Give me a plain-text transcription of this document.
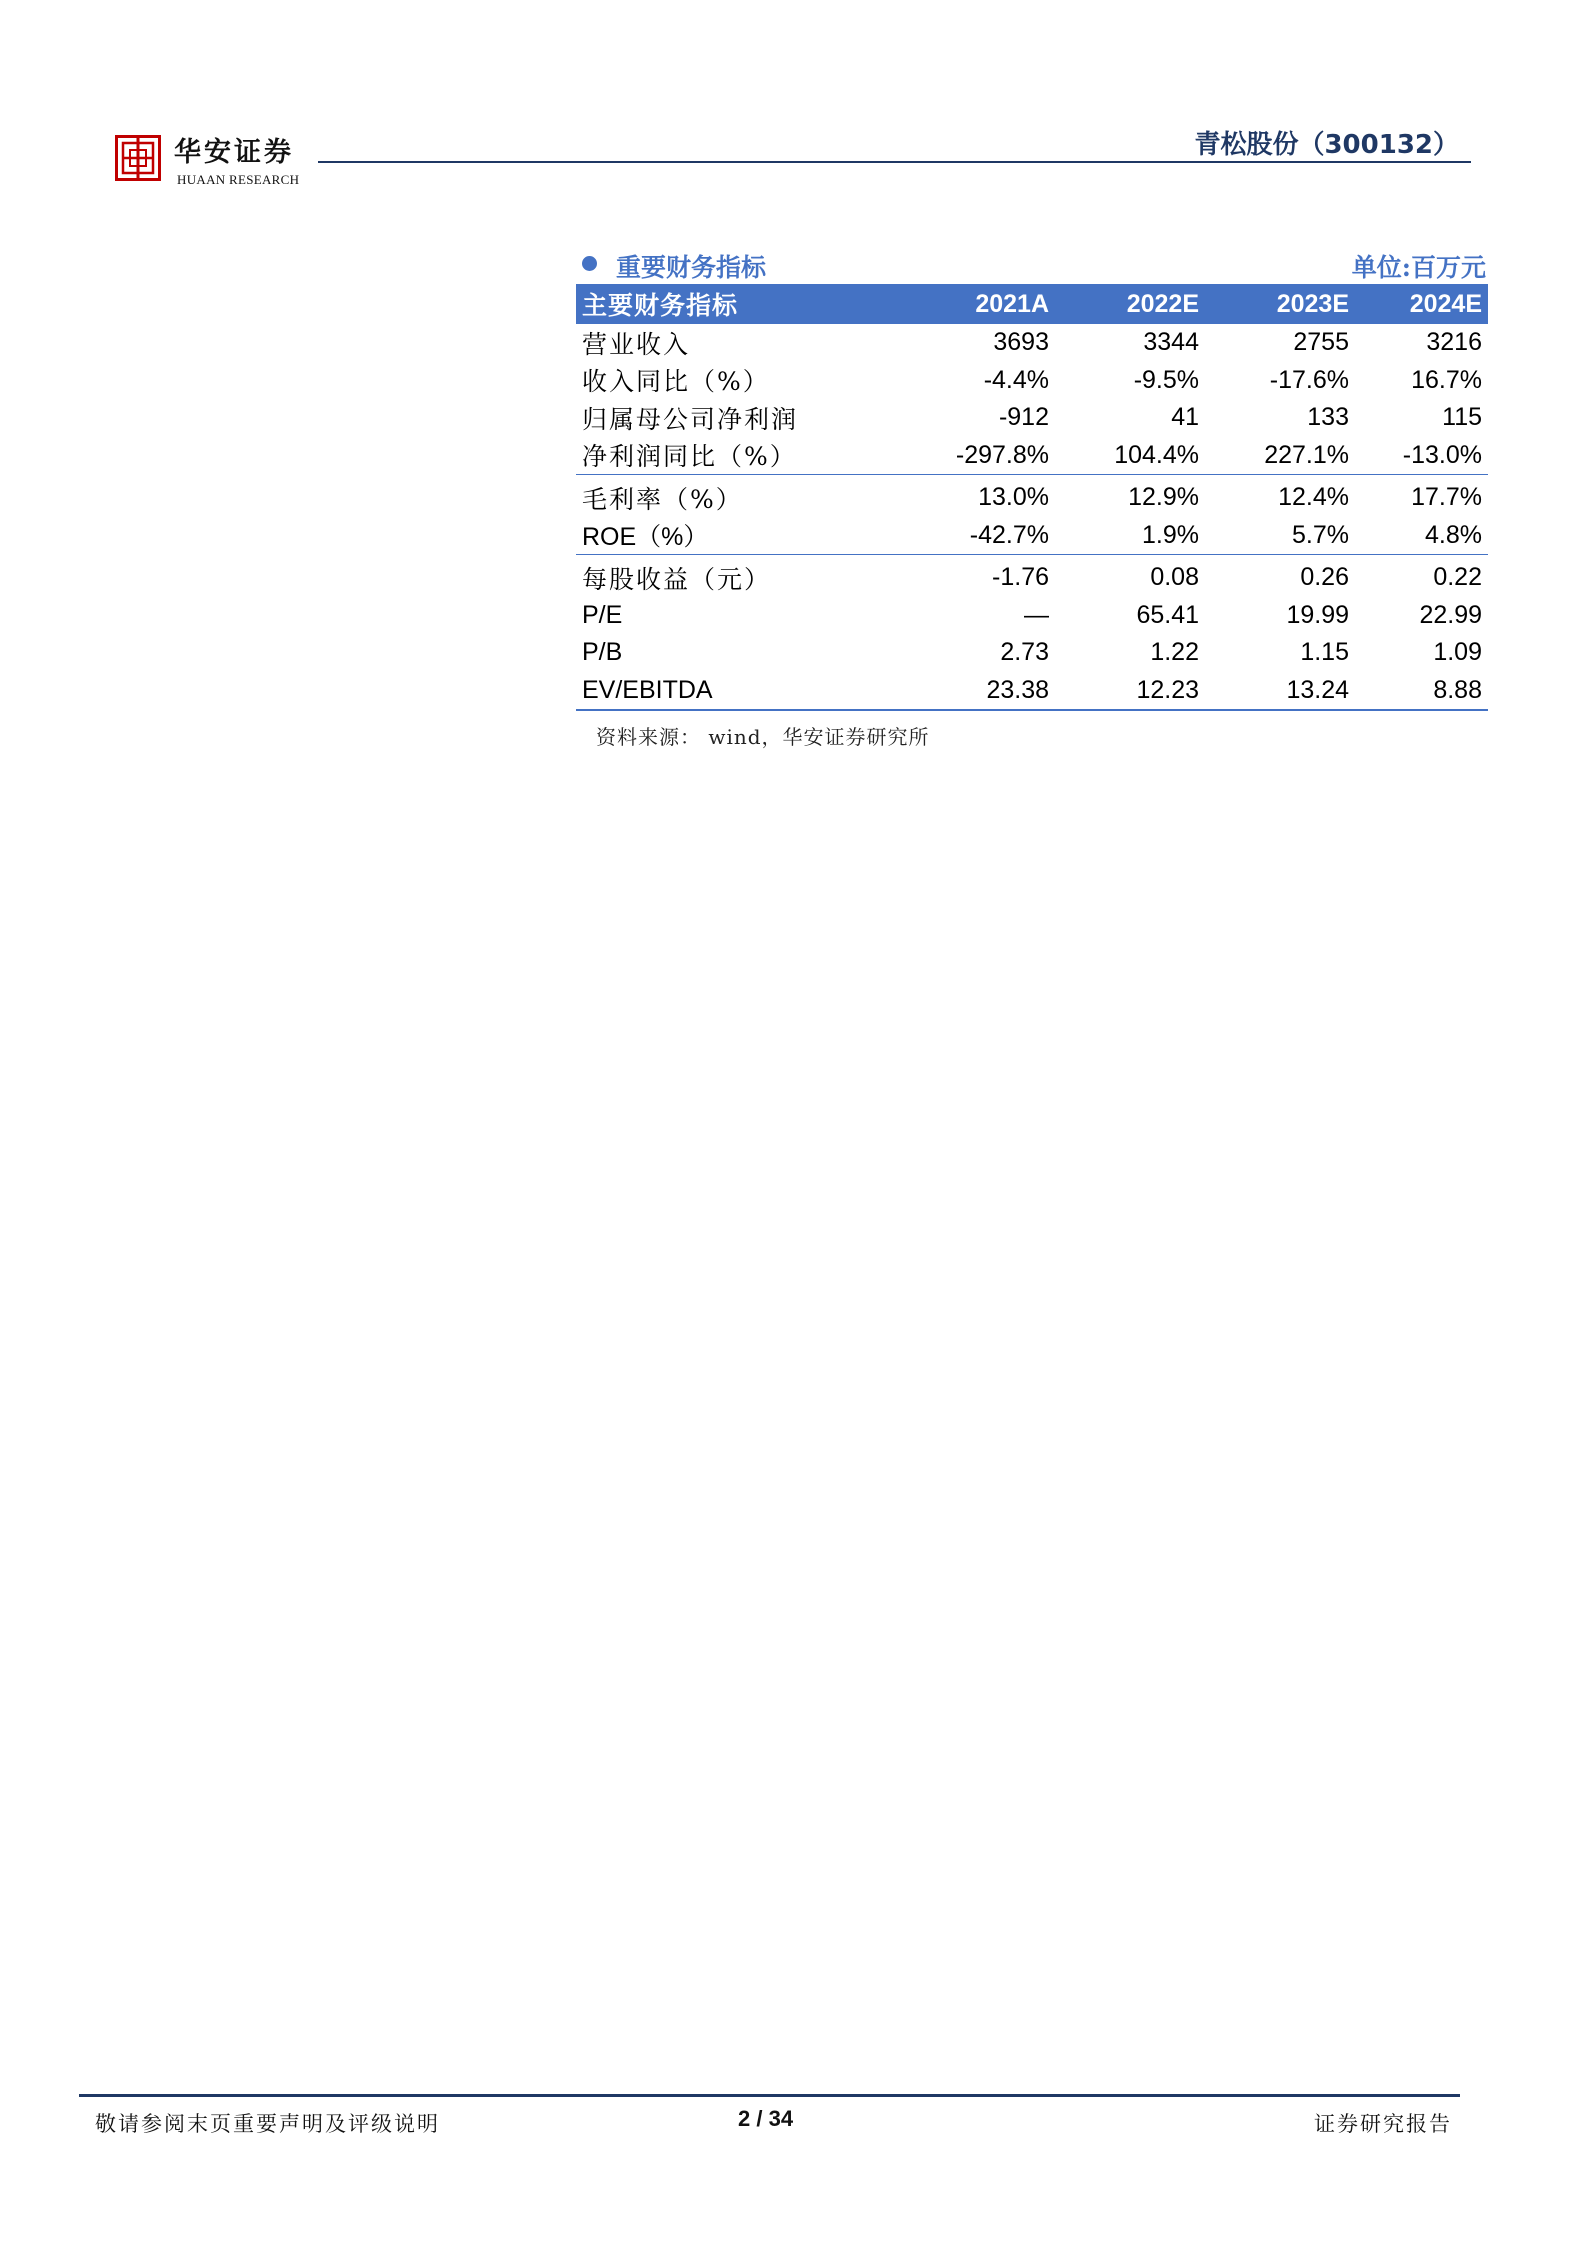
华安证券
HUAAN RESEARCH
青松股份（300132）
重要财务指标	单位:百万元
主要财务指标	2021A	2022E	2023E	2024E
营业收入	3693	3344	2755	3216
收入同比（%）	-4.4%	-9.5%	-17.6%	16.7%
归属母公司净利润	-912	41	133	115
净利润同比（%）	-297.8%	104.4%	227.1%	-13.0%
毛利率（%）	13.0%	12.9%	12.4%	17.7%
ROE（%）	-42.7%	1.9%	5.7%	4.8%
每股收益（元）	-1.76	0.08	0.26	0.22
P/E	—	65.41	19.99	22.99
P/B	2.73	1.22	1.15	1.09
EV/EBITDA	23.38	12.23	13.24	8.88
资料来源： wind，华安证券研究所
敬请参阅末页重要声明及评级说明	2 / 34	证券研究报告
